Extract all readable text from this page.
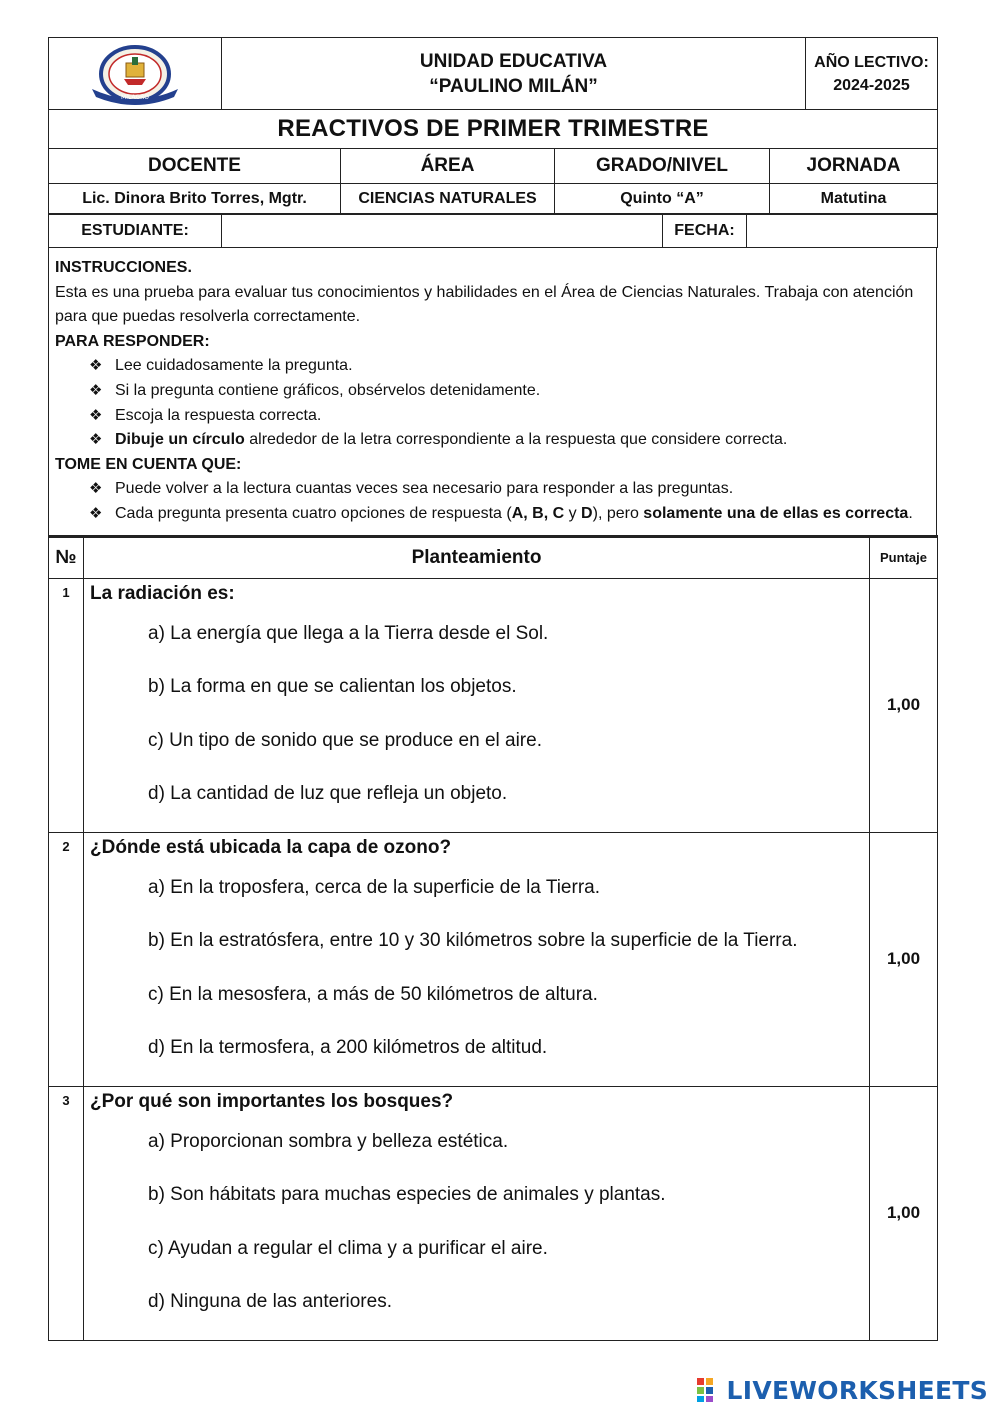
MILAGRO

UNIDAD EDUCATIVA
“PAULINO MILÁN”

AÑO LECTIVO:
2024-2025

REACTIVOS DE PRIMER TRIMESTRE
DOCENTE	ÁREA	GRADO/NIVEL	JORNADA
Lic. Dinora Brito Torres, Mgtr.	CIENCIAS NATURALES	Quinto “A”	Matutina
ESTUDIANTE:		FECHA:	
INSTRUCCIONES.
Esta es una prueba para evaluar tus conocimientos y habilidades en el Área de Ciencias Naturales. Trabaja con atención para que puedas resolverla correctamente.
PARA RESPONDER:
❖ Lee cuidadosamente la pregunta.
❖ Si la pregunta contiene gráficos, obsérvelos detenidamente.
❖ Escoja la respuesta correcta.
❖ Dibuje un círculo alrededor de la letra correspondiente a la respuesta que considere correcta.
TOME EN CUENTA QUE:
❖ Puede volver a la lectura cuantas veces sea necesario para responder a las preguntas.
❖ Cada pregunta presenta cuatro opciones de respuesta (A, B, C y D), pero solamente una de ellas es correcta.
№	Planteamiento	Puntaje
1	La radiación es:
a) La energía que llega a la Tierra desde el Sol.
b) La forma en que se calientan los objetos.
c) Un tipo de sonido que se produce en el aire.
d) La cantidad de luz que refleja un objeto.	1,00
2	¿Dónde está ubicada la capa de ozono?
a) En la troposfera, cerca de la superficie de la Tierra.
b) En la estratósfera, entre 10 y 30 kilómetros sobre la superficie de la Tierra.
c) En la mesosfera, a más de 50 kilómetros de altura.
d) En la termosfera, a 200 kilómetros de altitud.	1,00
3	¿Por qué son importantes los bosques?
a) Proporcionan sombra y belleza estética.
b) Son hábitats para muchas especies de animales y plantas.
c) Ayudan a regular el clima y a purificar el aire.
d) Ninguna de las anteriores.	1,00
LIVEWORKSHEETS
